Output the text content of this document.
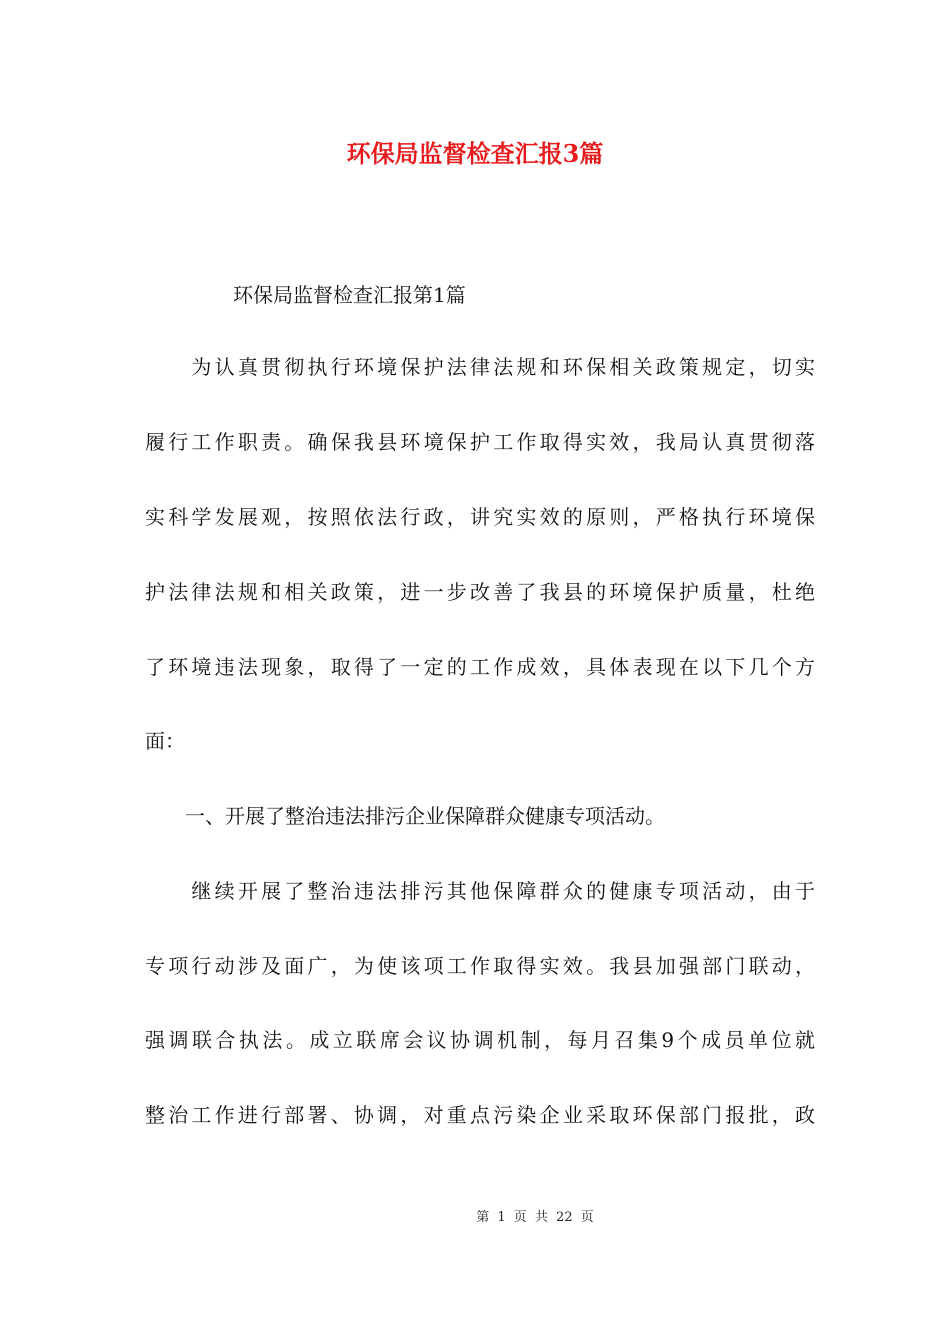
环保局监督检查汇报3篇
环保局监督检查汇报第1篇
　　为认真贯彻执行环境保护法律法规和环保相关政策规定，切实
履行工作职责。确保我县环境保护工作取得实效，我局认真贯彻落
实科学发展观，按照依法行政，讲究实效的原则，严格执行环境保
护法律法规和相关政策，进一步改善了我县的环境保护质量，杜绝
了环境违法现象，取得了一定的工作成效，具体表现在以下几个方
面：
　　一、开展了整治违法排污企业保障群众健康专项活动。
　　继续开展了整治违法排污其他保障群众的健康专项活动，由于
专项行动涉及面广，为使该项工作取得实效。我县加强部门联动，
强调联合执法。成立联席会议协调机制，每月召集9个成员单位就
整治工作进行部署、协调，对重点污染企业采取环保部门报批，政
第 1 页 共 22 页
